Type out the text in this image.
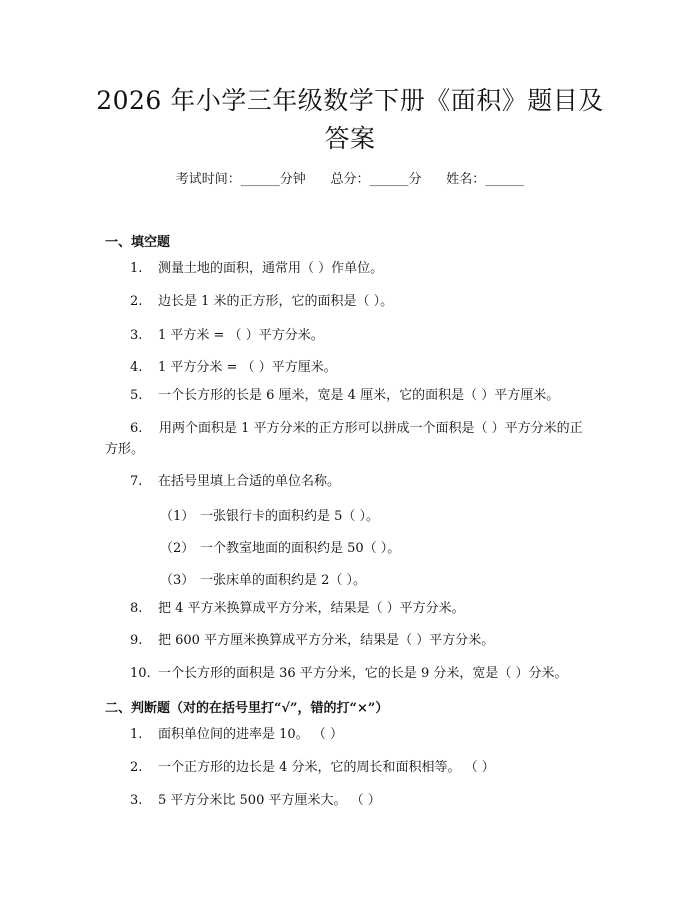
2026 年小学三年级数学下册《面积》题目及
答案
考试时间：______分钟      总分：______分      姓名：______
一、填空题
1. 测量土地的面积，通常用（ ）作单位。
2. 边长是 1 米的正方形，它的面积是（ ）。
3. 1 平方米 = （ ）平方分米。
4. 1 平方分米 = （ ）平方厘米。
5. 一个长方形的长是 6 厘米，宽是 4 厘米，它的面积是（ ）平方厘米。
6. 用两个面积是 1 平方分米的正方形可以拼成一个面积是（ ）平方分米的正方形。
7. 在括号里填上合适的单位名称。
（1） 一张银行卡的面积约是 5（ ）。
（2） 一个教室地面的面积约是 50（ ）。
（3） 一张床单的面积约是 2（ ）。
8. 把 4 平方米换算成平方分米，结果是（ ）平方分米。
9. 把 600 平方厘米换算成平方分米，结果是（ ）平方分米。
10. 一个长方形的面积是 36 平方分米，它的长是 9 分米，宽是（ ）分米。
二、判断题（对的在括号里打“√”，错的打“×”）
1. 面积单位间的进率是 10。 （ ）
2. 一个正方形的边长是 4 分米，它的周长和面积相等。 （ ）
3. 5 平方分米比 500 平方厘米大。 （ ）
